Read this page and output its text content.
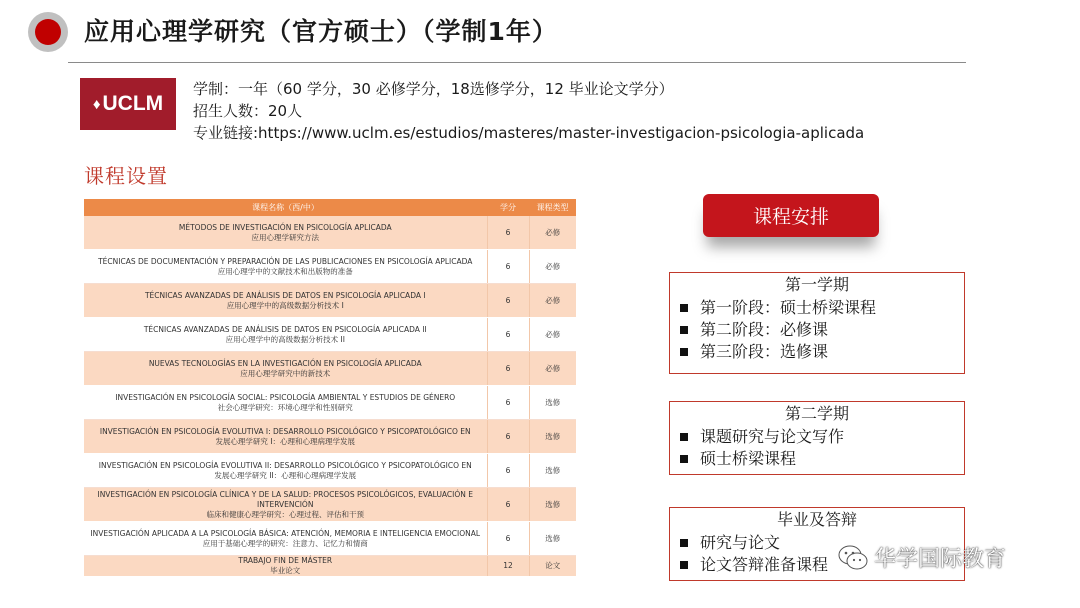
应用心理学研究（官方硕士）（学制1年）
♦ UCLM
学制：一年（60 学分，30 必修学分，18选修学分，12 毕业论文学分）
招生人数：20人
专业链接:https://www.uclm.es/estudios/masteres/master-investigacion-psicologia-aplicada
课程设置
课程名称（西/中）	学分	课程类型

MÉTODOS DE INVESTIGACIÓN EN PSICOLOGÍA APLICADA
应用心理学研究方法	6	必修

TÉCNICAS DE DOCUMENTACIÓN Y PREPARACIÓN DE LAS PUBLICACIONES EN PSICOLOGÍA APLICADA
应用心理学中的文献技术和出版物的准备	6	必修

TÉCNICAS AVANZADAS DE ANÁLISIS DE DATOS EN PSICOLOGÍA APLICADA I
应用心理学中的高级数据分析技术 I	6	必修

TÉCNICAS AVANZADAS DE ANÁLISIS DE DATOS EN PSICOLOGÍA APLICADA II
应用心理学中的高级数据分析技术 II	6	必修

NUEVAS TECNOLOGÍAS EN LA INVESTIGACIÓN EN PSICOLOGÍA APLICADA
应用心理学研究中的新技术	6	必修

INVESTIGACIÓN EN PSICOLOGÍA SOCIAL: PSICOLOGÍA AMBIENTAL Y ESTUDIOS DE GÉNERO
社会心理学研究：环境心理学和性别研究	6	选修

INVESTIGACIÓN EN PSICOLOGÍA EVOLUTIVA I: DESARROLLO PSICOLÓGICO Y PSICOPATOLÓGICO EN
发展心理学研究 I：心理和心理病理学发展	6	选修

INVESTIGACIÓN EN PSICOLOGÍA EVOLUTIVA II: DESARROLLO PSICOLÓGICO Y PSICOPATOLÓGICO EN
发展心理学研究 II：心理和心理病理学发展	6	选修

INVESTIGACIÓN EN PSICOLOGÍA CLÍNICA Y DE LA SALUD: PROCESOS PSICOLÓGICOS, EVALUACIÓN E INTERVENCIÓN
临床和健康心理学研究：心理过程、评估和干预	6	选修

INVESTIGACIÓN APLICADA A LA PSICOLOGÍA BÁSICA: ATENCIÓN, MEMORIA E INTELIGENCIA EMOCIONAL
应用于基础心理学的研究：注意力、记忆力和情商	6	选修

TRABAJO FIN DE MÁSTER
毕业论文	12	论文
课程安排
第一学期
第一阶段：硕士桥梁课程
第二阶段：必修课
第三阶段：选修课
第二学期
课题研究与论文写作
硕士桥梁课程
毕业及答辩
研究与论文
论文答辩准备课程 华学国际教育
